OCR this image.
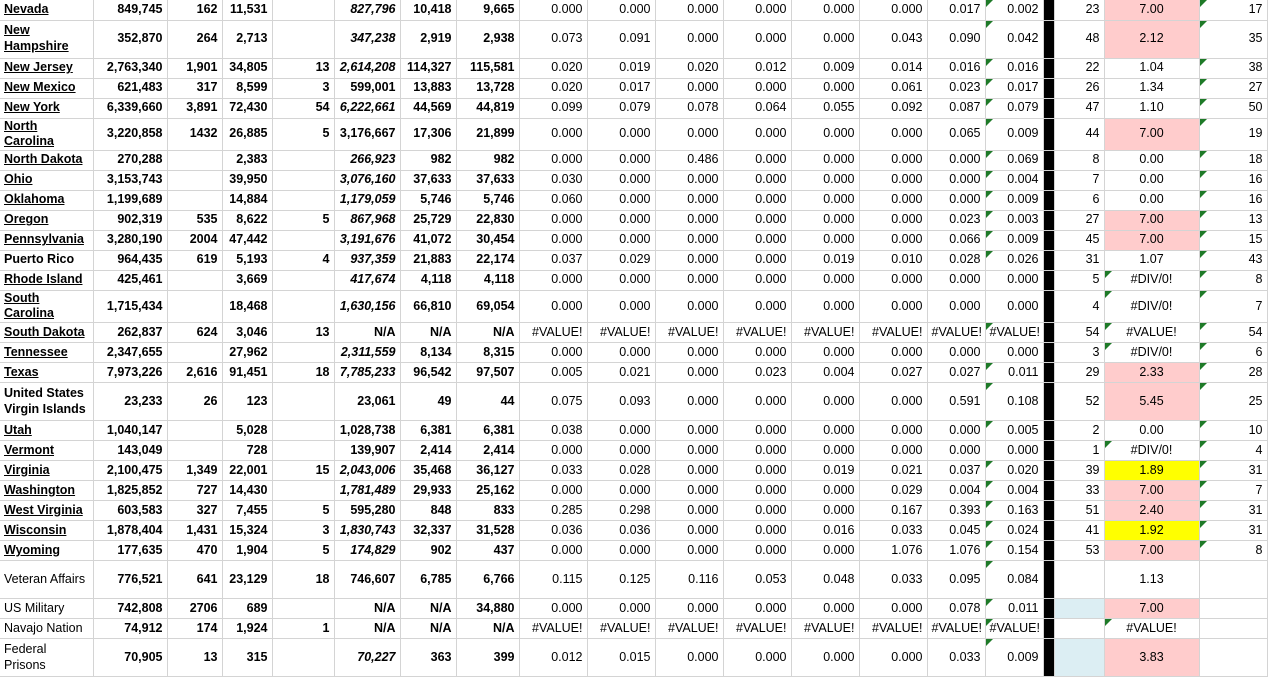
Nevada	849,745	162	11,531		827,796	10,418	9,665	0.000	0.000	0.000	0.000	0.000	0.000	0.017	0.002		23	7.00	17
New Hampshire	352,870	264	2,713		347,238	2,919	2,938	0.073	0.091	0.000	0.000	0.000	0.043	0.090	0.042		48	2.12	35
New Jersey	2,763,340	1,901	34,805	13	2,614,208	114,327	115,581	0.020	0.019	0.020	0.012	0.009	0.014	0.016	0.016		22	1.04	38
New Mexico	621,483	317	8,599	3	599,001	13,883	13,728	0.020	0.017	0.000	0.000	0.000	0.061	0.023	0.017		26	1.34	27
New York	6,339,660	3,891	72,430	54	6,222,661	44,569	44,819	0.099	0.079	0.078	0.064	0.055	0.092	0.087	0.079		47	1.10	50
North Carolina	3,220,858	1432	26,885	5	3,176,667	17,306	21,899	0.000	0.000	0.000	0.000	0.000	0.000	0.065	0.009		44	7.00	19
North Dakota	270,288		2,383		266,923	982	982	0.000	0.000	0.486	0.000	0.000	0.000	0.000	0.069		8	0.00	18
Ohio	3,153,743		39,950		3,076,160	37,633	37,633	0.030	0.000	0.000	0.000	0.000	0.000	0.000	0.004		7	0.00	16
Oklahoma	1,199,689		14,884		1,179,059	5,746	5,746	0.060	0.000	0.000	0.000	0.000	0.000	0.000	0.009		6	0.00	16
Oregon	902,319	535	8,622	5	867,968	25,729	22,830	0.000	0.000	0.000	0.000	0.000	0.000	0.023	0.003		27	7.00	13
Pennsylvania	3,280,190	2004	47,442		3,191,676	41,072	30,454	0.000	0.000	0.000	0.000	0.000	0.000	0.066	0.009		45	7.00	15
Puerto Rico	964,435	619	5,193	4	937,359	21,883	22,174	0.037	0.029	0.000	0.000	0.019	0.010	0.028	0.026		31	1.07	43
Rhode Island	425,461		3,669		417,674	4,118	4,118	0.000	0.000	0.000	0.000	0.000	0.000	0.000	0.000		5	#DIV/0!	8
South Carolina	1,715,434		18,468		1,630,156	66,810	69,054	0.000	0.000	0.000	0.000	0.000	0.000	0.000	0.000		4	#DIV/0!	7
South Dakota	262,837	624	3,046	13	N/A	N/A	N/A	#VALUE!	#VALUE!	#VALUE!	#VALUE!	#VALUE!	#VALUE!	#VALUE!	#VALUE!		54	#VALUE!	54
Tennessee	2,347,655		27,962		2,311,559	8,134	8,315	0.000	0.000	0.000	0.000	0.000	0.000	0.000	0.000		3	#DIV/0!	6
Texas	7,973,226	2,616	91,451	18	7,785,233	96,542	97,507	0.005	0.021	0.000	0.023	0.004	0.027	0.027	0.011		29	2.33	28
United States Virgin Islands	23,233	26	123		23,061	49	44	0.075	0.093	0.000	0.000	0.000	0.000	0.591	0.108		52	5.45	25
Utah	1,040,147		5,028		1,028,738	6,381	6,381	0.038	0.000	0.000	0.000	0.000	0.000	0.000	0.005		2	0.00	10
Vermont	143,049		728		139,907	2,414	2,414	0.000	0.000	0.000	0.000	0.000	0.000	0.000	0.000		1	#DIV/0!	4
Virginia	2,100,475	1,349	22,001	15	2,043,006	35,468	36,127	0.033	0.028	0.000	0.000	0.019	0.021	0.037	0.020		39	1.89	31
Washington	1,825,852	727	14,430		1,781,489	29,933	25,162	0.000	0.000	0.000	0.000	0.000	0.029	0.004	0.004		33	7.00	7
West Virginia	603,583	327	7,455	5	595,280	848	833	0.285	0.298	0.000	0.000	0.000	0.167	0.393	0.163		51	2.40	31
Wisconsin	1,878,404	1,431	15,324	3	1,830,743	32,337	31,528	0.036	0.036	0.000	0.000	0.016	0.033	0.045	0.024		41	1.92	31
Wyoming	177,635	470	1,904	5	174,829	902	437	0.000	0.000	0.000	0.000	0.000	1.076	1.076	0.154		53	7.00	8
Veteran Affairs	776,521	641	23,129	18	746,607	6,785	6,766	0.115	0.125	0.116	0.053	0.048	0.033	0.095	0.084			1.13	
US Military	742,808	2706	689		N/A	N/A	34,880	0.000	0.000	0.000	0.000	0.000	0.000	0.078	0.011			7.00	
Navajo Nation	74,912	174	1,924	1	N/A	N/A	N/A	#VALUE!	#VALUE!	#VALUE!	#VALUE!	#VALUE!	#VALUE!	#VALUE!	#VALUE!			#VALUE!	
Federal Prisons	70,905	13	315		70,227	363	399	0.012	0.015	0.000	0.000	0.000	0.000	0.033	0.009			3.83	
